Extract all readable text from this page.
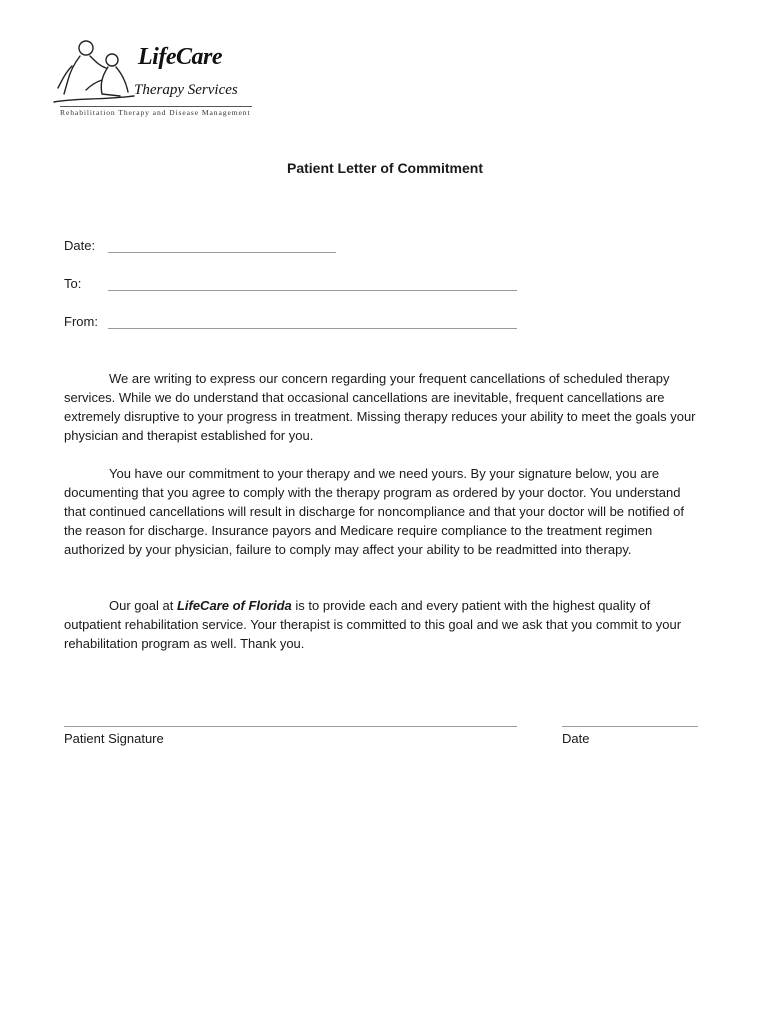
LifeCare
Therapy Services
Rehabilitation Therapy and Disease Management
Patient Letter of Commitment
Date:
To:
From:
We are writing to express our concern regarding your frequent cancellations of scheduled therapy services. While we do understand that occasional cancellations are inevitable, frequent cancellations are extremely disruptive to your progress in treatment. Missing therapy reduces your ability to meet the goals your physician and therapist established for you.
You have our commitment to your therapy and we need yours. By your signature below, you are documenting that you agree to comply with the therapy program as ordered by your doctor. You understand that continued cancellations will result in discharge for noncompliance and that your doctor will be notified of the reason for discharge. Insurance payors and Medicare require compliance to the treatment regimen authorized by your physician, failure to comply may affect your ability to be readmitted into therapy.
Our goal at LifeCare of Florida is to provide each and every patient with the highest quality of outpatient rehabilitation service. Your therapist is committed to this goal and we ask that you commit to your rehabilitation program as well. Thank you.
Patient Signature	Date
